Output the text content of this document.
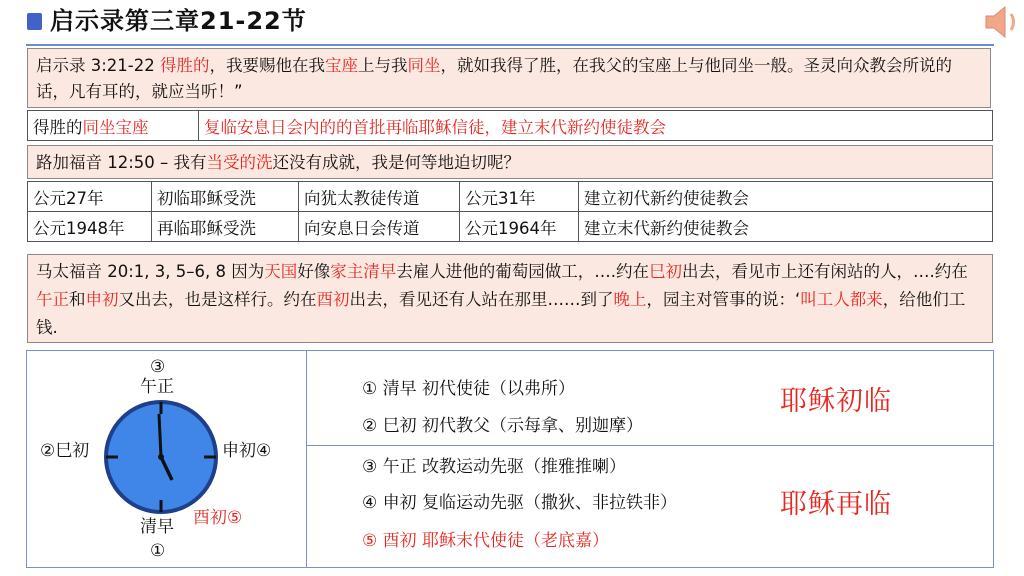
启示录第三章21-22节
启示录 3:21-22 得胜的，我要赐他在我宝座上与我同坐，就如我得了胜，在我父的宝座上与他同坐一般。圣灵向众教会所说的话，凡有耳的，就应当听！”
得胜的同坐宝座	复临安息日会内的的首批再临耶稣信徒，建立末代新约使徒教会
路加福音 12:50 – 我有当受的洗还没有成就，我是何等地迫切呢？
公元27年	初临耶稣受洗	向犹太教徒传道	公元31年	建立初代新约使徒教会
公元1948年	再临耶稣受洗	向安息日会传道	公元1964年	建立末代新约使徒教会
马太福音 20:1, 3, 5–6, 8 因为天国好像家主清早去雇人进他的葡萄园做工，….约在巳初出去，看见市上还有闲站的人，….约在午正和申初又出去，也是这样行。约在酉初出去，看见还有人站在那里……到了晚上，园主对管事的说：‘叫工人都来，给他们工钱.
③
午正
②巳初	申初④
清早
①
酉初⑤
① 清早 初代使徒（以弗所）
② 巳初 初代教父（示每拿、别迦摩）
③ 午正 改教运动先驱（推雅推喇）
④ 申初 复临运动先驱（撒狄、非拉铁非）
⑤ 酉初 耶稣末代使徒（老底嘉）
耶稣初临
耶稣再临
